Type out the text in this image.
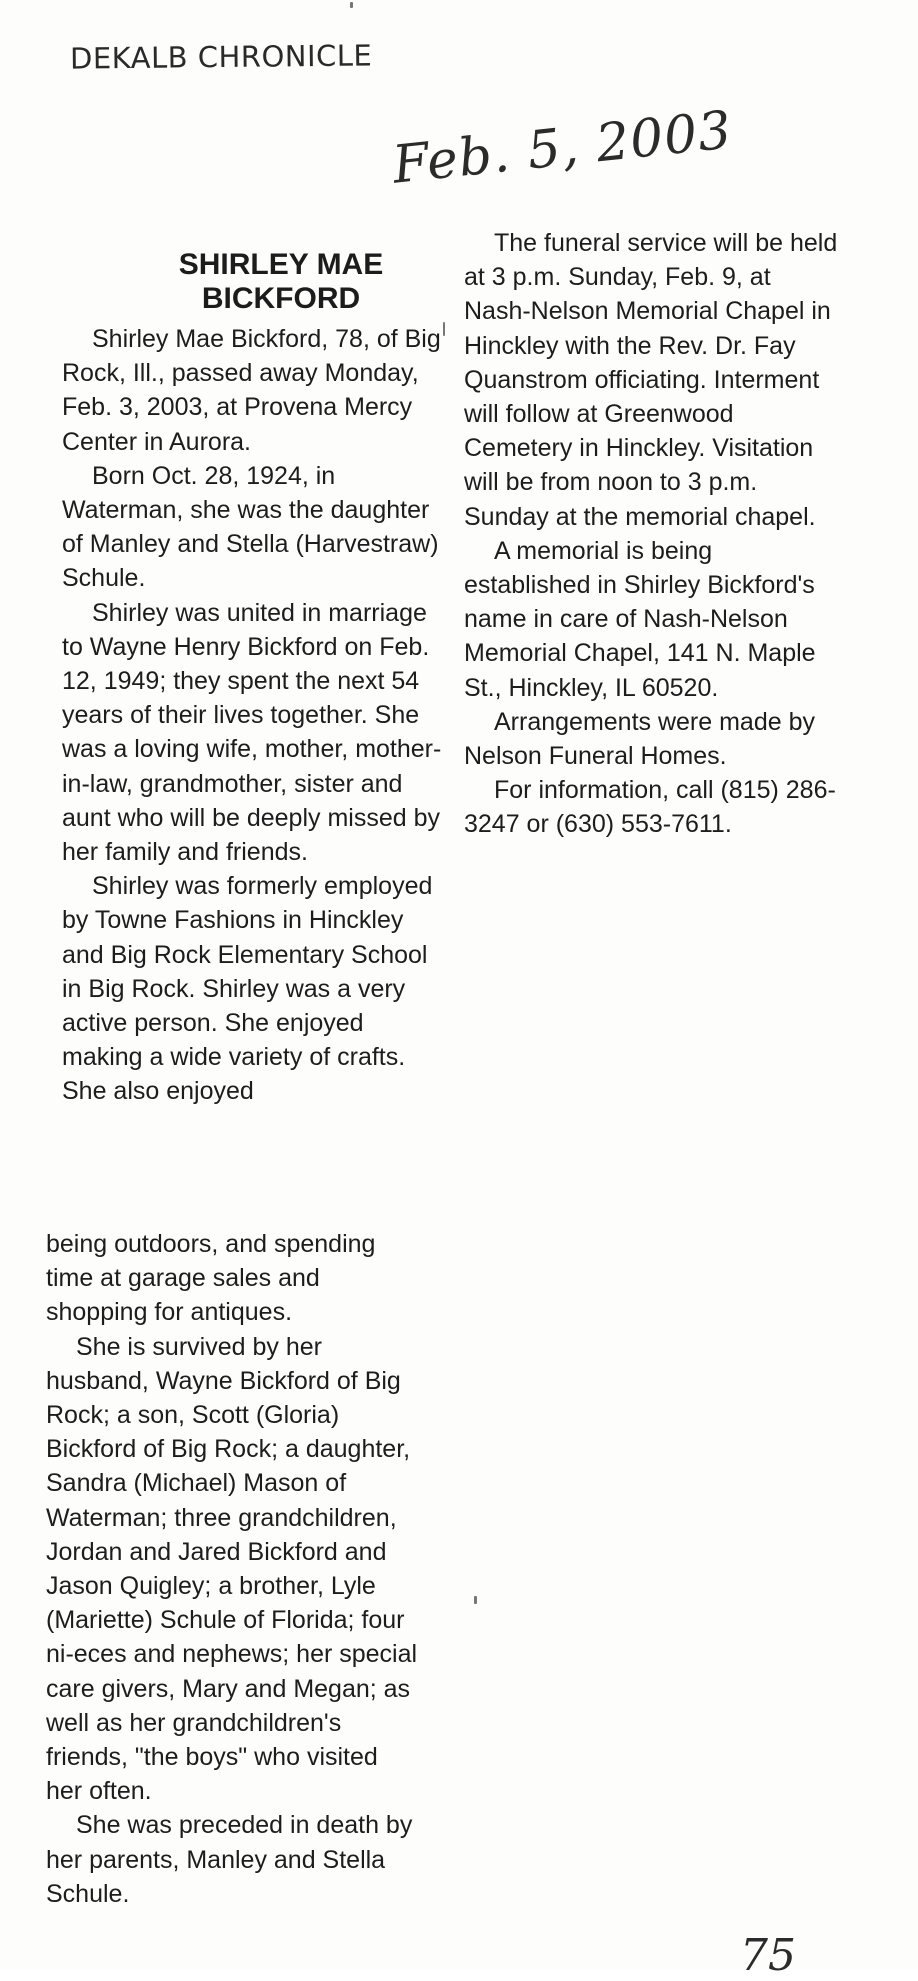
DEKALB CHRONICLE
Feb. 5, 2003
SHIRLEY MAE BICKFORD

Shirley Mae Bickford, 78, of Big Rock, Ill., passed away Monday, Feb. 3, 2003, at Provena Mercy Center in Aurora.

Born Oct. 28, 1924, in Waterman, she was the daughter of Manley and Stella (Harvestraw) Schule.

Shirley was united in marriage to Wayne Henry Bickford on Feb. 12, 1949; they spent the next 54 years of their lives together. She was a loving wife, mother, mother-in-law, grandmother, sister and aunt who will be deeply missed by her family and friends.

Shirley was formerly employed by Towne Fashions in Hinckley and Big Rock Elementary School in Big Rock. Shirley was a very active person. She enjoyed making a wide variety of crafts. She also enjoyed

being outdoors, and spending time at garage sales and shopping for antiques.

She is survived by her husband, Wayne Bickford of Big Rock; a son, Scott (Gloria) Bickford of Big Rock; a daughter, Sandra (Michael) Mason of Waterman; three grandchildren, Jordan and Jared Bickford and Jason Quigley; a brother, Lyle (Mariette) Schule of Florida; four ni-eces and nephews; her special care givers, Mary and Megan; as well as her grandchildren's friends, "the boys" who visited her often.

She was preceded in death by her parents, Manley and Stella Schule.

The funeral service will be held at 3 p.m. Sunday, Feb. 9, at Nash-Nelson Memorial Chapel in Hinckley with the Rev. Dr. Fay Quanstrom officiating. Interment will follow at Greenwood Cemetery in Hinckley. Visitation will be from noon to 3 p.m. Sunday at the memorial chapel.

A memorial is being established in Shirley Bickford's name in care of Nash-Nelson Memorial Chapel, 141 N. Maple St., Hinckley, IL 60520.

Arrangements were made by Nelson Funeral Homes.

For information, call (815) 286-3247 or (630) 553-7611.

75
